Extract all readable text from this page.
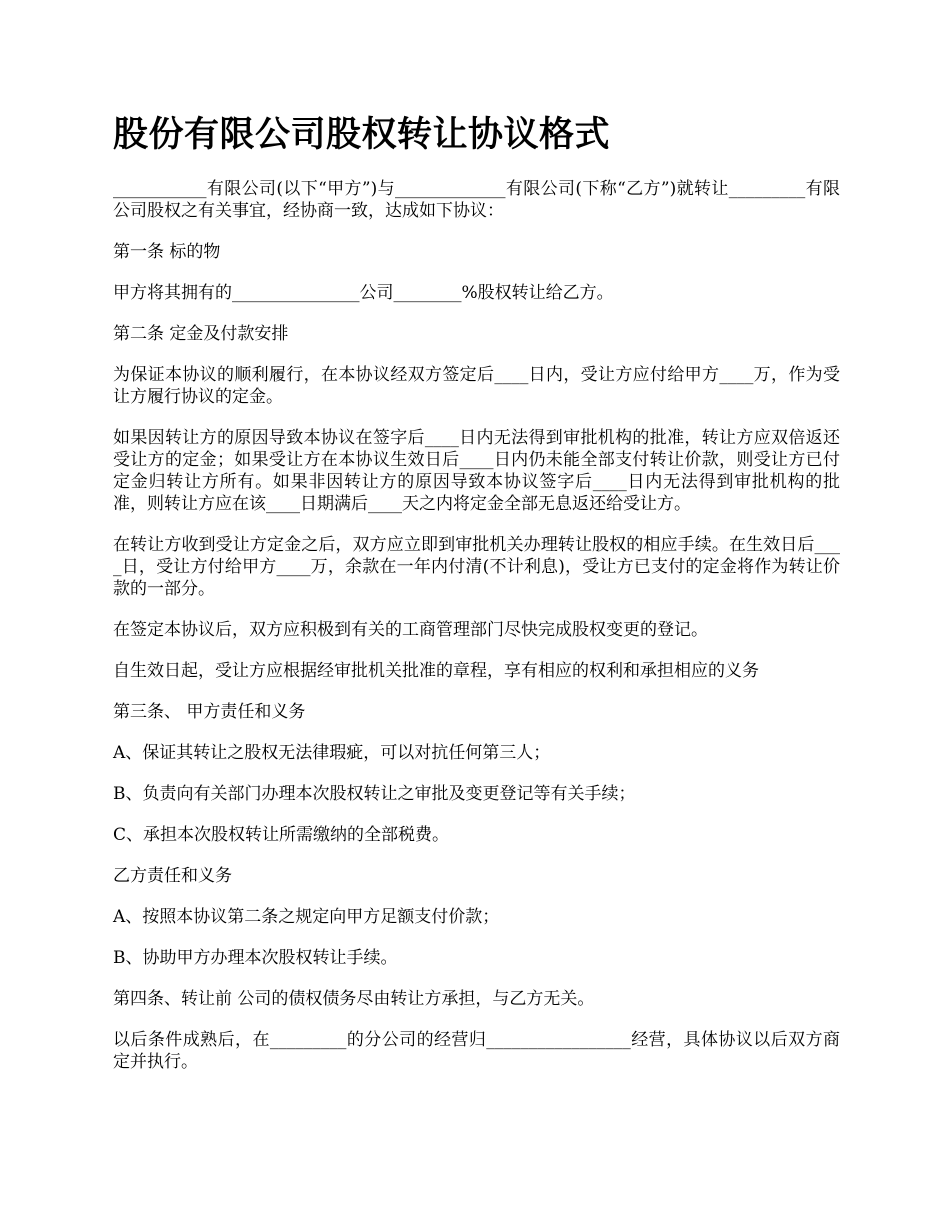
股份有限公司股权转让协议格式

___________有限公司(以下“甲方”)与_____________有限公司(下称“乙方”)就转让_________有限公司股权之有关事宜，经协商一致，达成如下协议：

第一条 标的物

甲方将其拥有的_______________公司________%股权转让给乙方。

第二条 定金及付款安排

为保证本协议的顺利履行，在本协议经双方签定后____日内，受让方应付给甲方____万，作为受让方履行协议的定金。

如果因转让方的原因导致本协议在签字后____日内无法得到审批机构的批准，转让方应双倍返还受让方的定金；如果受让方在本协议生效日后____日内仍未能全部支付转让价款，则受让方已付定金归转让方所有。如果非因转让方的原因导致本协议签字后____日内无法得到审批机构的批准，则转让方应在该____日期满后____天之内将定金全部无息返还给受让方。

在转让方收到受让方定金之后，双方应立即到审批机关办理转让股权的相应手续。在生效日后____日，受让方付给甲方____万，余款在一年内付清(不计利息)，受让方已支付的定金将作为转让价款的一部分。

在签定本协议后，双方应积极到有关的工商管理部门尽快完成股权变更的登记。

自生效日起，受让方应根据经审批机关批准的章程，享有相应的权利和承担相应的义务

第三条、 甲方责任和义务

A、保证其转让之股权无法律瑕疵，可以对抗任何第三人；

B、负责向有关部门办理本次股权转让之审批及变更登记等有关手续；

C、承担本次股权转让所需缴纳的全部税费。

乙方责任和义务

A、按照本协议第二条之规定向甲方足额支付价款；

B、协助甲方办理本次股权转让手续。

第四条、转让前 公司的债权债务尽由转让方承担，与乙方无关。

以后条件成熟后，在_________的分公司的经营归_________________经营，具体协议以后双方商定并执行。
